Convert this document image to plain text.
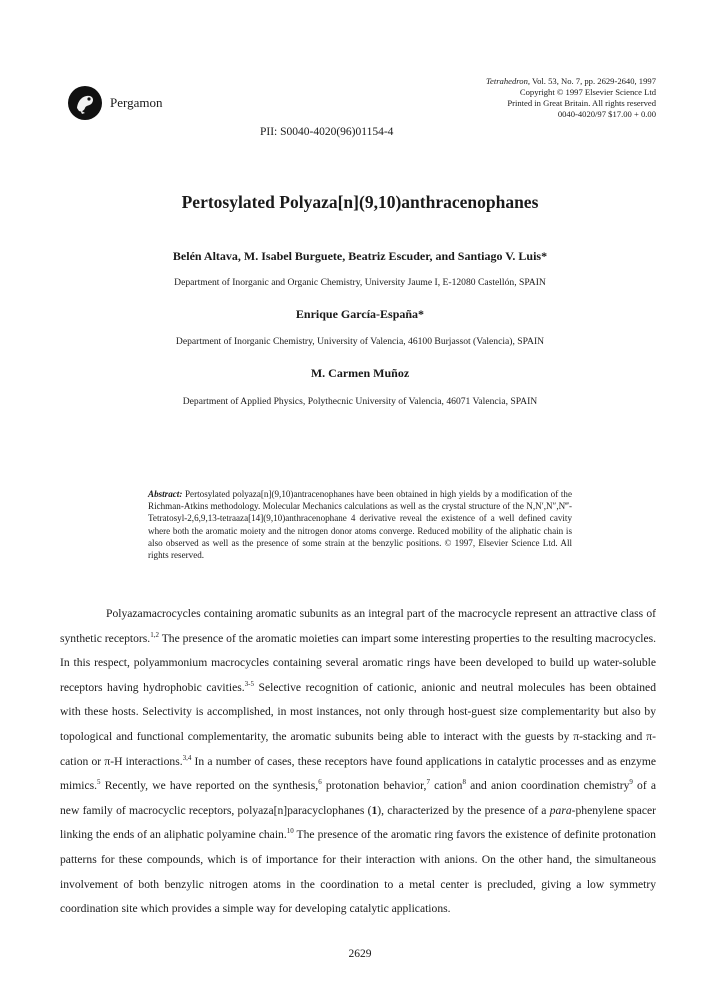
Pergamon
Tetrahedron, Vol. 53, No. 7, pp. 2629-2640, 1997
Copyright © 1997 Elsevier Science Ltd
Printed in Great Britain. All rights reserved
0040-4020/97 $17.00 + 0.00
PII: S0040-4020(96)01154-4
Pertosylated Polyaza[n](9,10)anthracenophanes
Belén Altava, M. Isabel Burguete, Beatriz Escuder, and Santiago V. Luis*
Department of Inorganic and Organic Chemistry, University Jaume I, E-12080 Castellón, SPAIN
Enrique García-España*
Department of Inorganic Chemistry, University of Valencia, 46100 Burjassot (Valencia), SPAIN
M. Carmen Muñoz
Department of Applied Physics, Polythecnic University of Valencia, 46071 Valencia, SPAIN
Abstract: Pertosylated polyaza[n](9,10)antracenophanes have been obtained in high yields by a modification of the Richman-Atkins methodology. Molecular Mechanics calculations as well as the crystal structure of the N,N′,N″,N‴-Tetratosyl-2,6,9,13-tetraaza[14](9,10)anthracenophane 4 derivative reveal the existence of a well defined cavity where both the aromatic moiety and the nitrogen donor atoms converge. Reduced mobility of the aliphatic chain is also observed as well as the presence of some strain at the benzylic positions. © 1997, Elsevier Science Ltd. All rights reserved.

Polyazamacrocycles containing aromatic subunits as an integral part of the macrocycle represent an attractive class of synthetic receptors.$^{1,2}$ The presence of the aromatic moieties can impart some interesting properties to the resulting macrocycles. In this respect, polyammonium macrocycles containing several aromatic rings have been developed to build up water-soluble receptors having hydrophobic cavities.$^{3-5}$ Selective recognition of cationic, anionic and neutral molecules has been obtained with these hosts. Selectivity is accomplished, in most instances, not only through host-guest size complementarity but also by topological and functional complementarity, the aromatic subunits being able to interact with the guests by π-stacking and π-cation or π-H interactions.$^{3,4}$ In a number of cases, these receptors have found applications in catalytic processes and as enzyme mimics.$^5$ Recently, we have reported on the synthesis,$^6$ protonation behavior,$^7$ cation$^8$ and anion coordination chemistry$^9$ of a new family of macrocyclic receptors, polyaza[n]paracyclophanes (1), characterized by the presence of a para-phenylene spacer linking the ends of an aliphatic polyamine chain.$^{10}$ The presence of the aromatic ring favors the existence of definite protonation patterns for these compounds, which is of importance for their interaction with anions. On the other hand, the simultaneous involvement of both benzylic nitrogen atoms in the coordination to a metal center is precluded, giving a low symmetry coordination site which provides a simple way for developing catalytic applications.

2629
